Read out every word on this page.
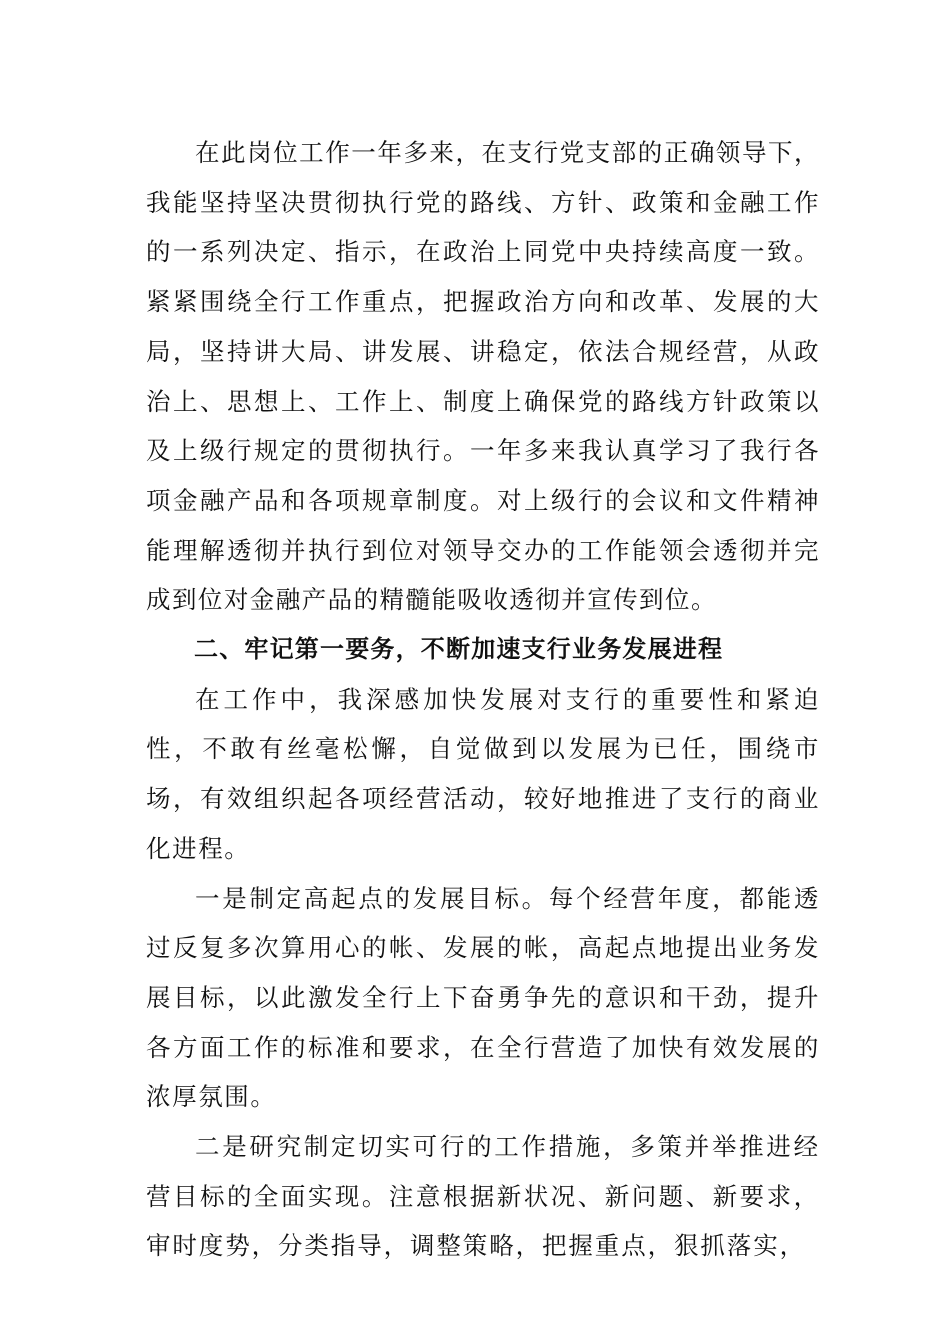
在此岗位工作一年多来，在支行党支部的正确领导下，我能坚持坚决贯彻执行党的路线、方针、政策和金融工作的一系列决定、指示，在政治上同党中央持续高度一致。紧紧围绕全行工作重点，把握政治方向和改革、发展的大局，坚持讲大局、讲发展、讲稳定，依法合规经营，从政治上、思想上、工作上、制度上确保党的路线方针政策以及上级行规定的贯彻执行。一年多来我认真学习了我行各项金融产品和各项规章制度。对上级行的会议和文件精神能理解透彻并执行到位对领导交办的工作能领会透彻并完成到位对金融产品的精髓能吸收透彻并宣传到位。

二、牢记第一要务，不断加速支行业务发展进程

在工作中，我深感加快发展对支行的重要性和紧迫性，不敢有丝毫松懈，自觉做到以发展为已任，围绕市场，有效组织起各项经营活动，较好地推进了支行的商业化进程。

一是制定高起点的发展目标。每个经营年度，都能透过反复多次算用心的帐、发展的帐，高起点地提出业务发展目标，以此激发全行上下奋勇争先的意识和干劲，提升各方面工作的标准和要求，在全行营造了加快有效发展的浓厚氛围。

二是研究制定切实可行的工作措施，多策并举推进经营目标的全面实现。注意根据新状况、新问题、新要求，审时度势，分类指导，调整策略，把握重点，狠抓落实，
